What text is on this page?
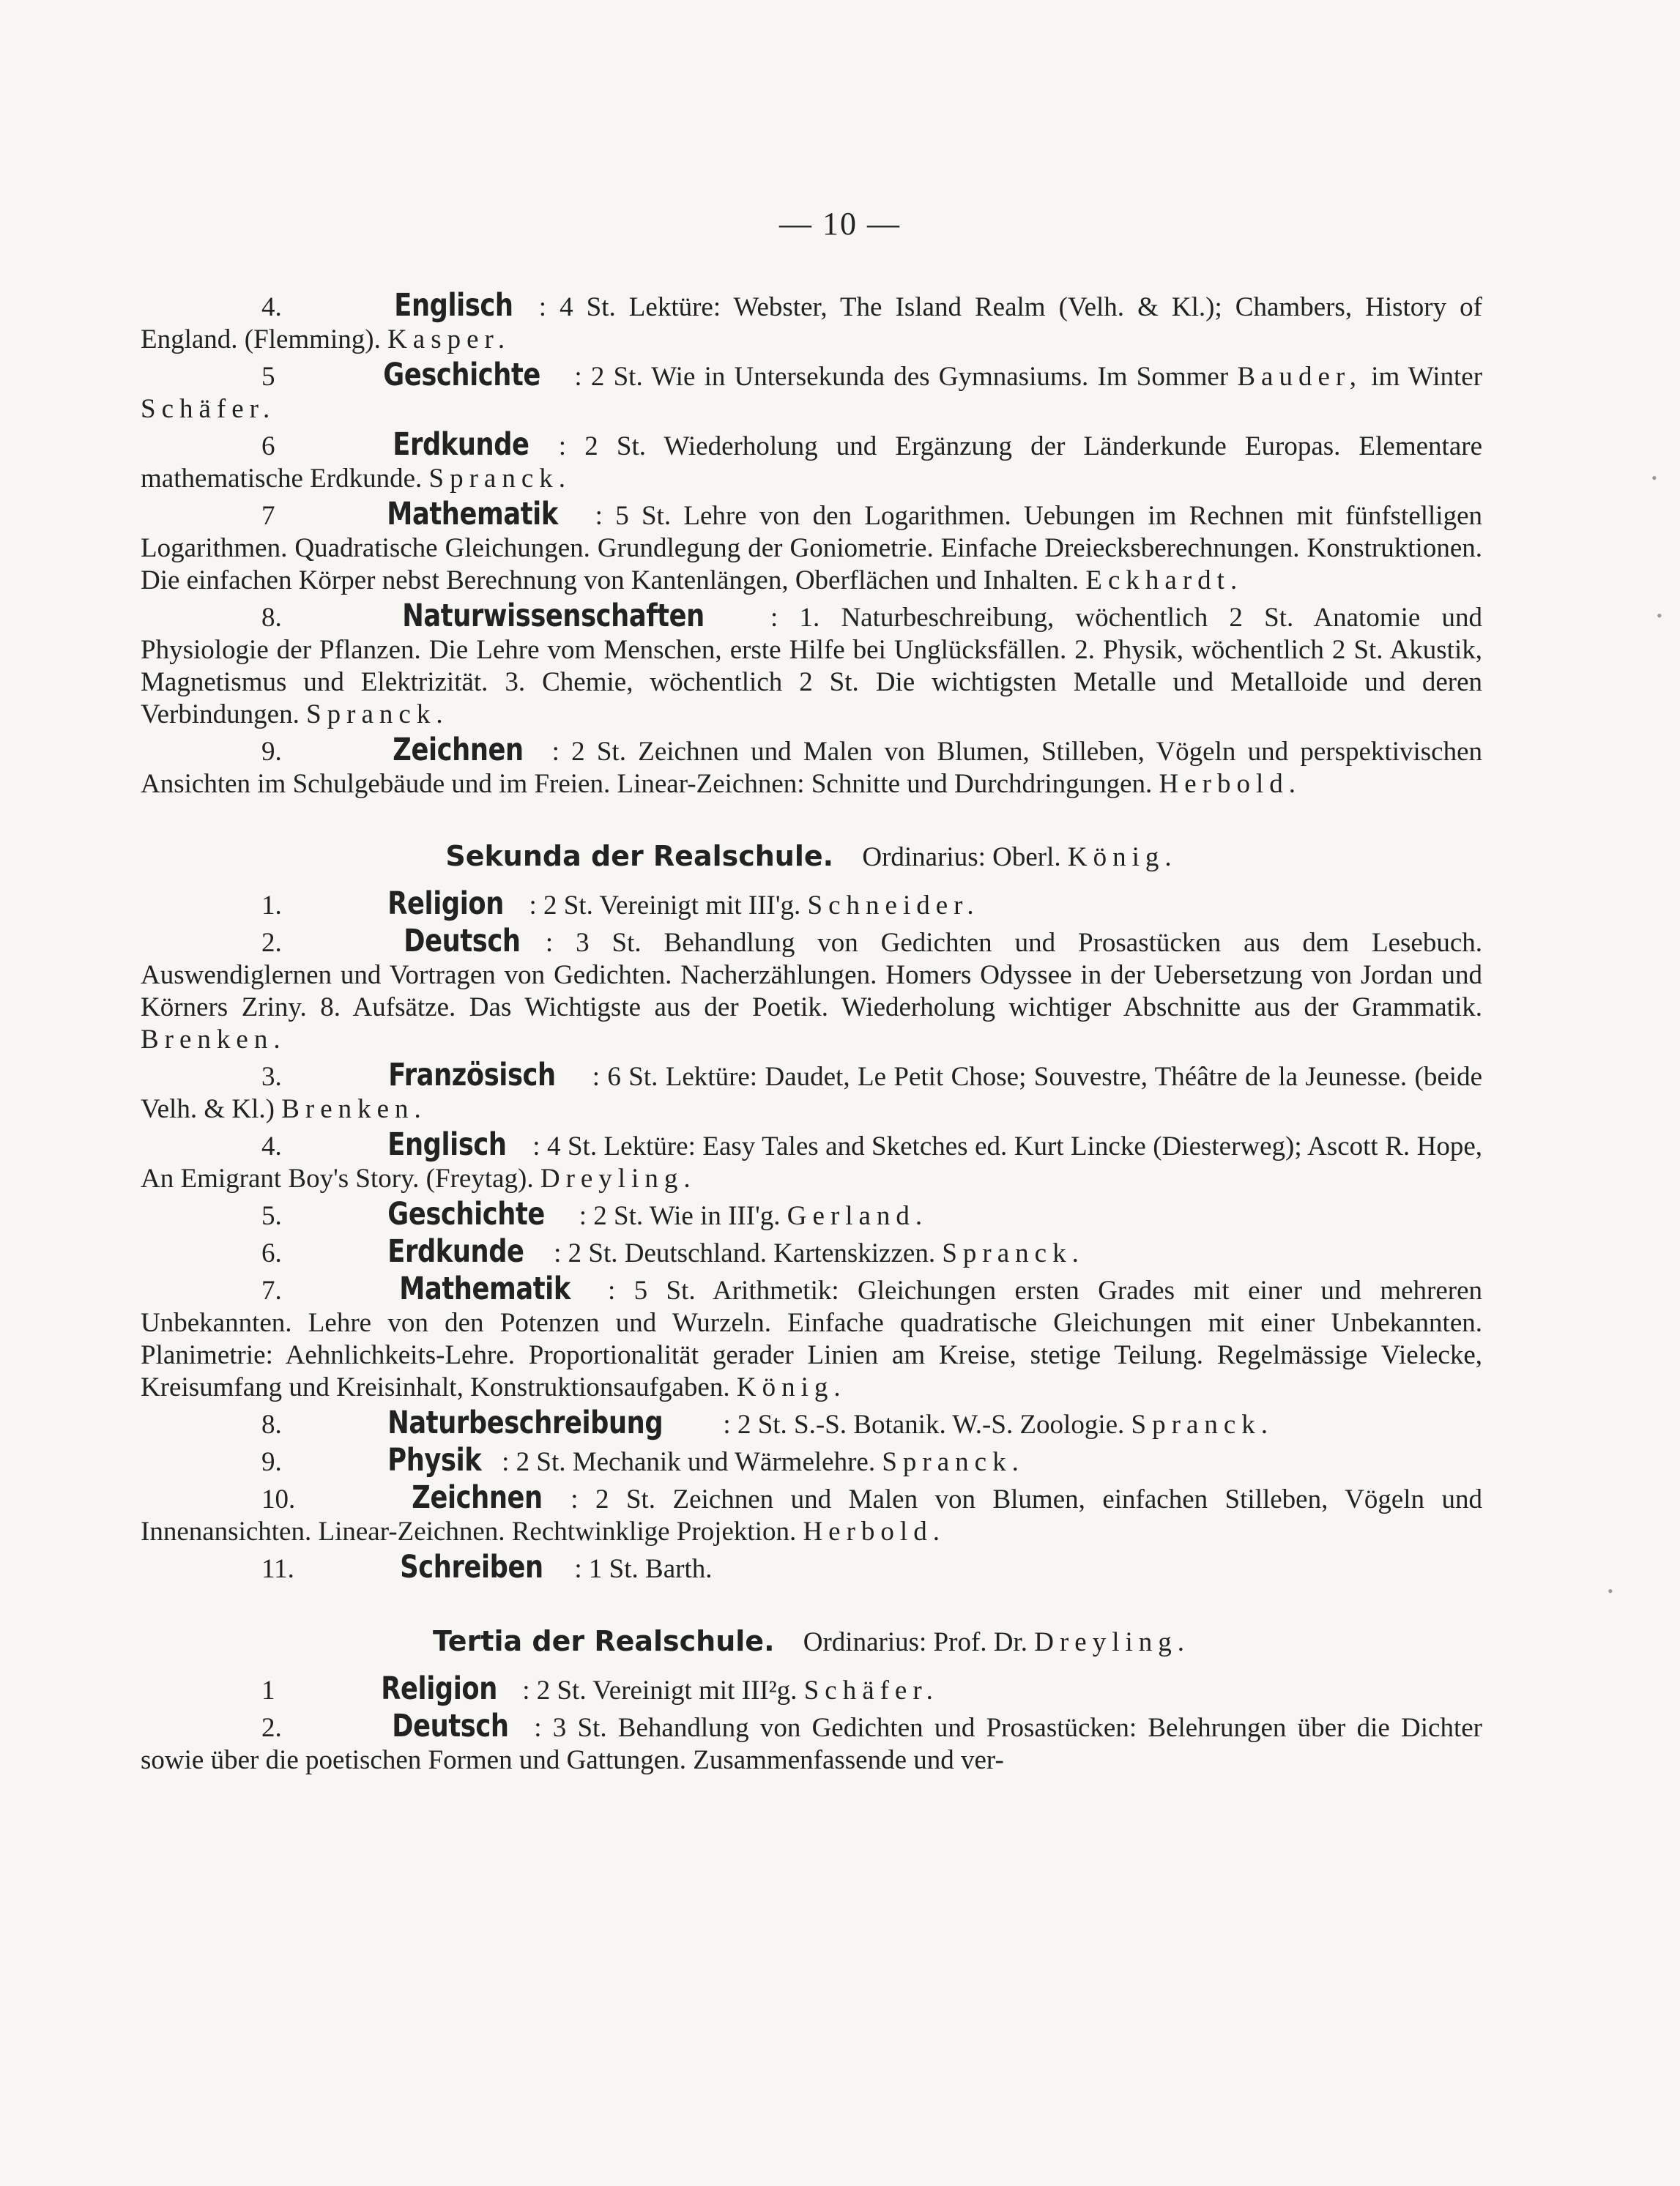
— 10 —

4.	Englisch : 4 St. Lektüre: Webster, The Island Realm (Velh. & Kl.); Chambers, History of England. (Flemming). Kasper.

5	Geschichte : 2 St. Wie in Untersekunda des Gymnasiums. Im Sommer Bauder, im Winter Schäfer.

6	Erdkunde : 2 St. Wiederholung und Ergänzung der Länderkunde Europas. Elementare mathematische Erdkunde. Spranck.

7	Mathematik : 5 St. Lehre von den Logarithmen. Uebungen im Rechnen mit fünfstelligen Logarithmen. Quadratische Gleichungen. Grundlegung der Goniometrie. Einfache Dreiecksberechnungen. Konstruktionen. Die einfachen Körper nebst Berechnung von Kantenlängen, Oberflächen und Inhalten. Eckhardt.

8.	Naturwissenschaften : 1. Naturbeschreibung, wöchentlich 2 St. Anatomie und Physiologie der Pflanzen. Die Lehre vom Menschen, erste Hilfe bei Unglücksfällen. 2. Physik, wöchentlich 2 St. Akustik, Magnetismus und Elektrizität. 3. Chemie, wöchentlich 2 St. Die wichtigsten Metalle und Metalloide und deren Verbindungen. Spranck.

9.	Zeichnen : 2 St. Zeichnen und Malen von Blumen, Stilleben, Vögeln und perspektivischen Ansichten im Schulgebäude und im Freien. Linear-Zeichnen: Schnitte und Durchdringungen. Herbold.

Sekunda der Realschule. Ordinarius: Oberl. König.

1.	Religion : 2 St. Vereinigt mit III'g. Schneider.

2.	Deutsch : 3 St. Behandlung von Gedichten und Prosastücken aus dem Lesebuch. Auswendiglernen und Vortragen von Gedichten. Nacherzählungen. Homers Odyssee in der Uebersetzung von Jordan und Körners Zriny. 8. Aufsätze. Das Wichtigste aus der Poetik. Wiederholung wichtiger Abschnitte aus der Grammatik. Brenken.

3.	Französisch : 6 St. Lektüre: Daudet, Le Petit Chose; Souvestre, Théâtre de la Jeunesse. (beide Velh. & Kl.) Brenken.

4.	Englisch : 4 St. Lektüre: Easy Tales and Sketches ed. Kurt Lincke (Diesterweg); Ascott R. Hope, An Emigrant Boy's Story. (Freytag). Dreyling.

5.	Geschichte : 2 St. Wie in III'g. Gerland.

6.	Erdkunde : 2 St. Deutschland. Kartenskizzen. Spranck.

7.	Mathematik : 5 St. Arithmetik: Gleichungen ersten Grades mit einer und mehreren Unbekannten. Lehre von den Potenzen und Wurzeln. Einfache quadratische Gleichungen mit einer Unbekannten. Planimetrie: Aehnlichkeits-Lehre. Proportionalität gerader Linien am Kreise, stetige Teilung. Regelmässige Vielecke, Kreisumfang und Kreisinhalt, Konstruktionsaufgaben. König.

8.	Naturbeschreibung : 2 St. S.-S. Botanik. W.-S. Zoologie. Spranck.

9.	Physik : 2 St. Mechanik und Wärmelehre. Spranck.

10.	Zeichnen : 2 St. Zeichnen und Malen von Blumen, einfachen Stilleben, Vögeln und Innenansichten. Linear-Zeichnen. Rechtwinklige Projektion. Herbold.

11.	Schreiben : 1 St. Barth.

Tertia der Realschule. Ordinarius: Prof. Dr. Dreyling.

1	Religion : 2 St. Vereinigt mit III²g. Schäfer.

2.	Deutsch : 3 St. Behandlung von Gedichten und Prosastücken: Belehrungen über die Dichter sowie über die poetischen Formen und Gattungen. Zusammenfassende und ver-

•
•
•
